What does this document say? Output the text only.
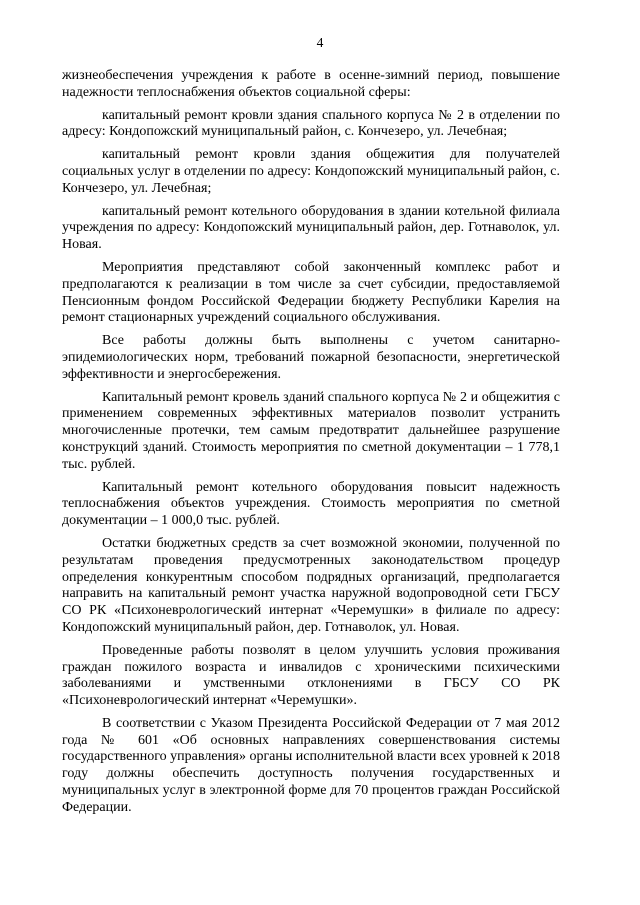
4

жизнеобеспечения учреждения к работе в осенне-зимний период, повышение надежности теплоснабжения объектов социальной сферы:

капитальный ремонт кровли здания спального корпуса № 2 в отделении по адресу: Кондопожский муниципальный район, с. Кончезеро, ул. Лечебная;

капитальный ремонт кровли здания общежития для получателей социальных услуг в отделении по адресу: Кондопожский муниципальный район, с. Кончезеро, ул. Лечебная;

капитальный ремонт котельного оборудования в здании котельной филиала учреждения по адресу: Кондопожский муниципальный район, дер. Готнаволок, ул. Новая.

Мероприятия представляют собой законченный комплекс работ и предполагаются к реализации в том числе за счет субсидии, предоставляемой Пенсионным фондом Российской Федерации бюджету Республики Карелия на ремонт стационарных учреждений социального обслуживания.

Все работы должны быть выполнены с учетом санитарно-эпидемиологических норм, требований пожарной безопасности, энергетической эффективности и энергосбережения.

Капитальный ремонт кровель зданий спального корпуса № 2 и общежития с применением современных эффективных материалов позволит устранить многочисленные протечки, тем самым предотвратит дальнейшее разрушение конструкций зданий. Стоимость мероприятия по сметной документации – 1 778,1 тыс. рублей.

Капитальный ремонт котельного оборудования повысит надежность теплоснабжения объектов учреждения. Стоимость мероприятия по сметной документации – 1 000,0 тыс. рублей.

Остатки бюджетных средств за счет возможной экономии, полученной по результатам проведения предусмотренных законодательством процедур определения конкурентным способом подрядных организаций, предполагается направить на капитальный ремонт участка наружной водопроводной сети ГБСУ СО РК «Психоневрологический интернат «Черемушки» в филиале по адресу: Кондопожский муниципальный район, дер. Готнаволок, ул. Новая.

Проведенные работы позволят в целом улучшить условия проживания граждан пожилого возраста и инвалидов с хроническими психическими заболеваниями и умственными отклонениями в ГБСУ СО РК «Психоневрологический интернат «Черемушки».

В соответствии с Указом Президента Российской Федерации от 7 мая 2012 года № 601 «Об основных направлениях совершенствования системы государственного управления» органы исполнительной власти всех уровней к 2018 году должны обеспечить доступность получения государственных и муниципальных услуг в электронной форме для 70 процентов граждан Российской Федерации.
